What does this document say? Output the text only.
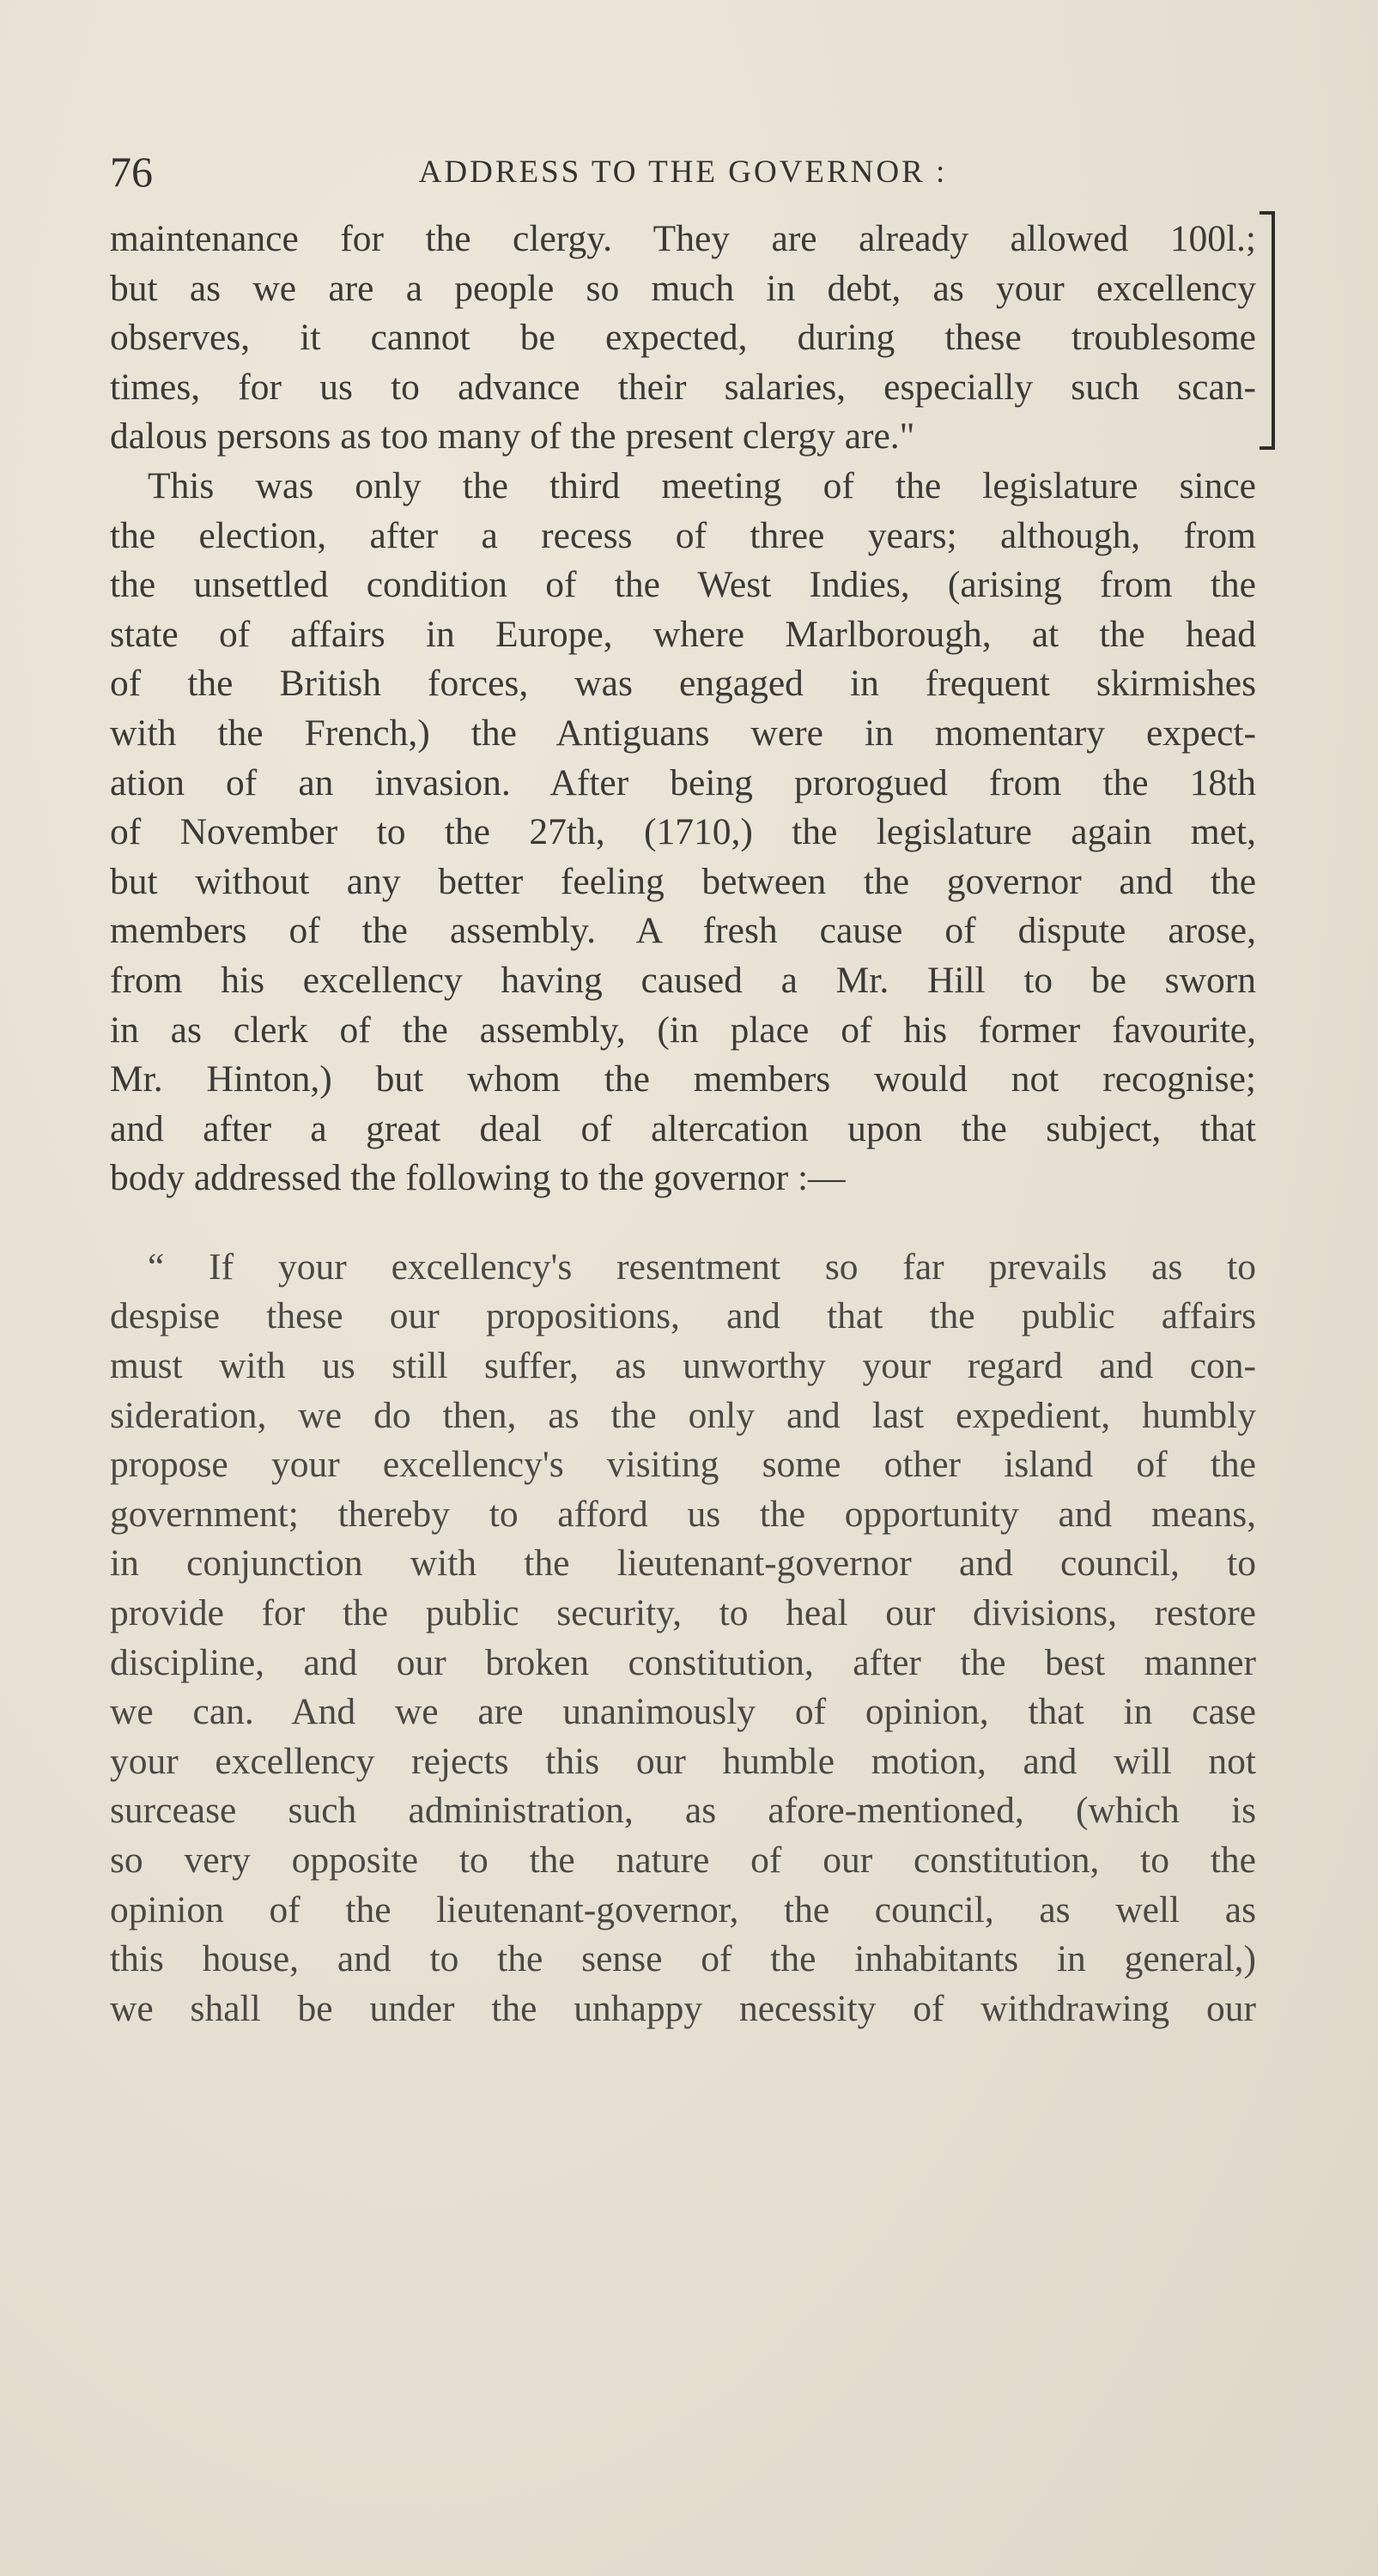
76	ADDRESS TO THE GOVERNOR :
maintenance for the clergy. They are already allowed 100l.;
but as we are a people so much in debt, as your excellency
observes, it cannot be expected, during these troublesome
times, for us to advance their salaries, especially such scan-
dalous persons as too many of the present clergy are."
This was only the third meeting of the legislature since
the election, after a recess of three years; although, from
the unsettled condition of the West Indies, (arising from the
state of affairs in Europe, where Marlborough, at the head
of the British forces, was engaged in frequent skirmishes
with the French,) the Antiguans were in momentary expect-
ation of an invasion. After being prorogued from the 18th
of November to the 27th, (1710,) the legislature again met,
but without any better feeling between the governor and the
members of the assembly. A fresh cause of dispute arose,
from his excellency having caused a Mr. Hill to be sworn
in as clerk of the assembly, (in place of his former favourite,
Mr. Hinton,) but whom the members would not recognise;
and after a great deal of altercation upon the subject, that
body addressed the following to the governor :—
“ If your excellency's resentment so far prevails as to
despise these our propositions, and that the public affairs
must with us still suffer, as unworthy your regard and con-
sideration, we do then, as the only and last expedient, humbly
propose your excellency's visiting some other island of the
government; thereby to afford us the opportunity and means,
in conjunction with the lieutenant-governor and council, to
provide for the public security, to heal our divisions, restore
discipline, and our broken constitution, after the best manner
we can. And we are unanimously of opinion, that in case
your excellency rejects this our humble motion, and will not
surcease such administration, as afore-mentioned, (which is
so very opposite to the nature of our constitution, to the
opinion of the lieutenant-governor, the council, as well as
this house, and to the sense of the inhabitants in general,)
we shall be under the unhappy necessity of withdrawing our
